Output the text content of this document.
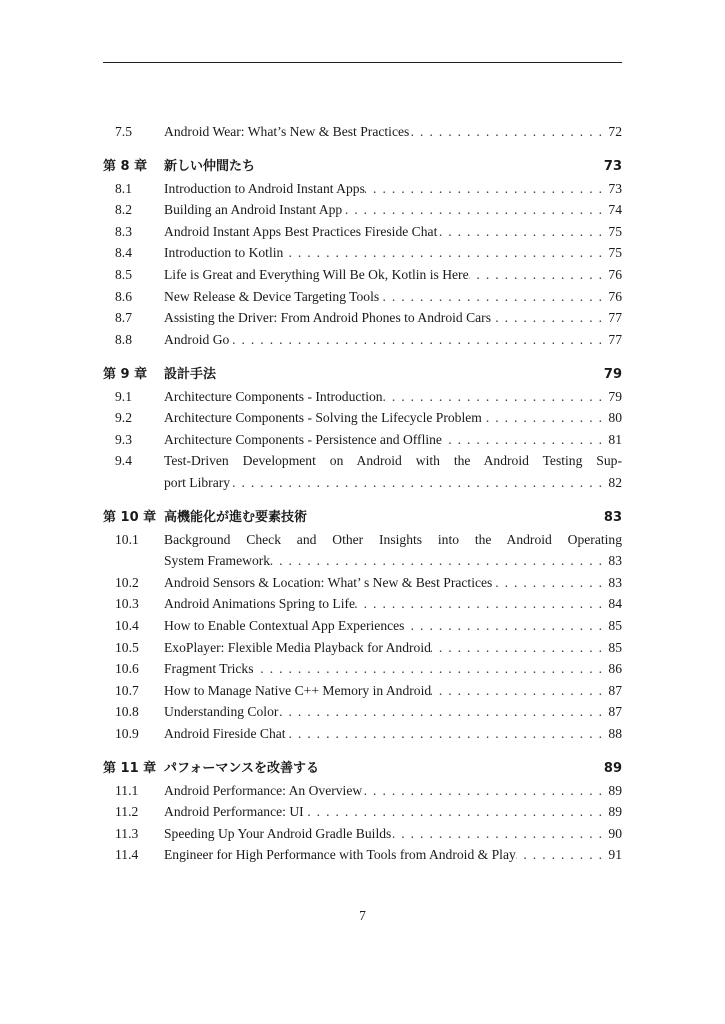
7.5	Android Wear: What’s New & Best Practices . . .	72
第 8 章	新しい仲間たち	73
8.1	Introduction to Android Instant Apps . . .	73
8.2	Building an Android Instant App . . .	74
8.3	Android Instant Apps Best Practices Fireside Chat . . .	75
8.4	Introduction to Kotlin . . .	75
8.5	Life is Great and Everything Will Be Ok, Kotlin is Here . . .	76
8.6	New Release & Device Targeting Tools . . .	76
8.7	Assisting the Driver: From Android Phones to Android Cars . . .	77
8.8	Android Go . . .	77
第 9 章	設計手法	79
9.1	Architecture Components - Introduction . . .	79
9.2	Architecture Components - Solving the Lifecycle Problem . . .	80
9.3	Architecture Components - Persistence and Offline . . .	81
9.4	Test-Driven Development on Android with the Android Testing Sup-
port Library . . .	82
第 10 章 高機能化が進む要素技術	83
10.1	Background Check and Other Insights into the Android Operating
System Framework . . .	83
10.2	Android Sensors & Location: What’ s New & Best Practices . . .	83
10.3	Android Animations Spring to Life . . .	84
10.4	How to Enable Contextual App Experiences . . .	85
10.5	ExoPlayer: Flexible Media Playback for Android . . .	85
10.6	Fragment Tricks . . .	86
10.7	How to Manage Native C++ Memory in Android . . .	87
10.8	Understanding Color . . .	87
10.9	Android Fireside Chat . . .	88
第 11 章 パフォーマンスを改善する	89
11.1	Android Performance: An Overview . . .	89
11.2	Android Performance: UI . . .	89
11.3	Speeding Up Your Android Gradle Builds . . .	90
11.4	Engineer for High Performance with Tools from Android & Play . . .	91
7
